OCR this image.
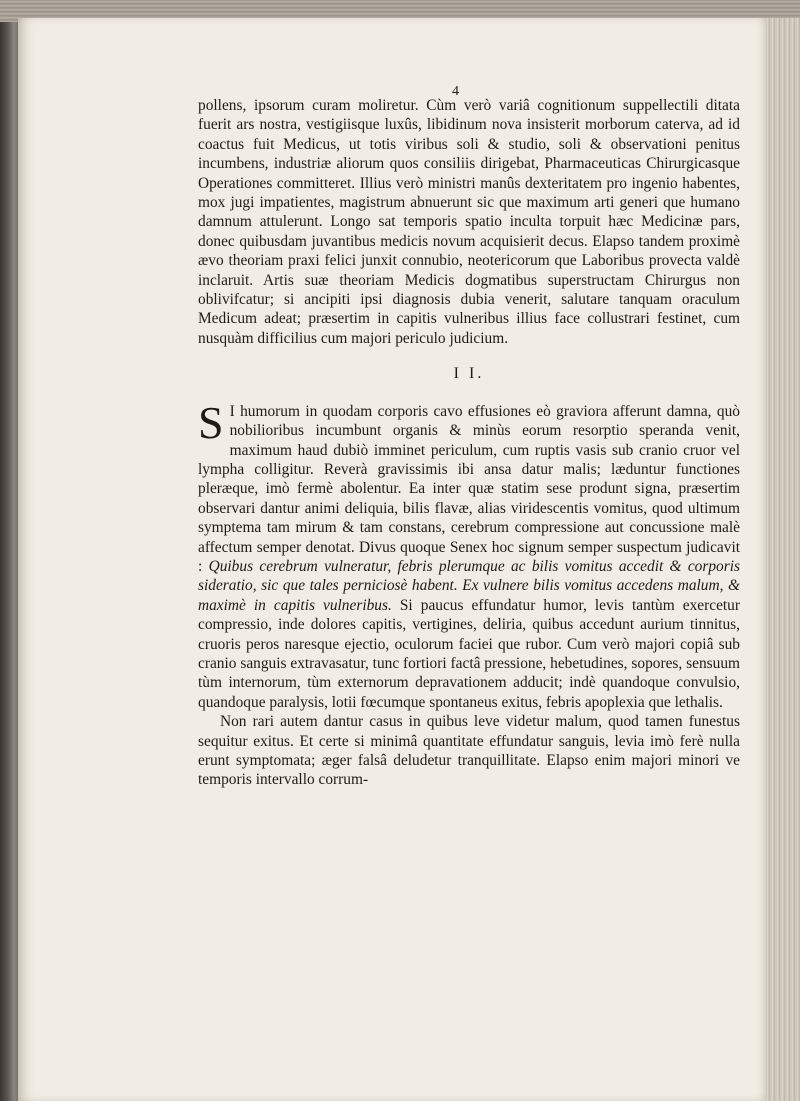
4

pollens, ipsorum curam moliretur. Cùm verò variâ cognitionum suppellectili ditata fuerit ars nostra, vestigiisque luxûs, libidinum nova insisterit morborum caterva, ad id coactus fuit Medicus, ut totis viribus soli & studio, soli & observationi penitus incumbens, industriæ aliorum quos consiliis dirigebat, Pharmaceuticas Chirurgicasque Operationes committeret. Illius verò ministri manûs dexteritatem pro ingenio habentes, mox jugi impatientes, magistrum abnuerunt sic que maximum arti generi que humano damnum attulerunt. Longo sat temporis spatio inculta torpuit hæc Medicinæ pars, donec quibusdam juvantibus medicis novum acquisierit decus. Elapso tandem proximè ævo theoriam praxi felici junxit connubio, neotericorum que Laboribus provecta valdè inclaruit. Artis suæ theoriam Medicis dogmatibus superstructam Chirurgus non oblivifcatur; si ancipiti ipsi diagnosis dubia venerit, salutare tanquam oraculum Medicum adeat; præsertim in capitis vulneribus illius face collustrari festinet, cum nusquàm difficilius cum majori periculo judicium.

I I.

S I humorum in quodam corporis cavo effusiones eò graviora afferunt damna, quò nobilioribus incumbunt organis & minùs eorum resorptio speranda venit, maximum haud dubiò imminet periculum, cum ruptis vasis sub cranio cruor vel lympha colligitur. Reverà gravissimis ibi ansa datur malis; læduntur functiones pleræque, imò fermè abolentur. Ea inter quæ statim sese produnt signa, præsertim observari dantur animi deliquia, bilis flavæ, alias viridescentis vomitus, quod ultimum symptema tam mirum & tam constans, cerebrum compressione aut concussione malè affectum semper denotat. Divus quoque Senex hoc signum semper suspectum judicavit : Quibus cerebrum vulneratur, febris plerumque ac bilis vomitus accedit & corporis sideratio, sic que tales perniciosè habent. Ex vulnere bilis vomitus accedens malum, & maximè in capitis vulneribus. Si paucus effundatur humor, levis tantùm exercetur compressio, inde dolores capitis, vertigines, deliria, quibus accedunt aurium tinnitus, cruoris peros naresque ejectio, oculorum faciei que rubor. Cum verò majori copiâ sub cranio sanguis extravasatur, tunc fortiori factâ pressione, hebetudines, sopores, sensuum tùm internorum, tùm externorum depravationem adducit; indè quandoque convulsio, quandoque paralysis, lotii fœcumque spontaneus exitus, febris apoplexia que lethalis.

Non rari autem dantur casus in quibus leve videtur malum, quod tamen funestus sequitur exitus. Et certe si minimâ quantitate effundatur sanguis, levia imò ferè nulla erunt symptomata; æger falsâ deludetur tranquillitate. Elapso enim majori minori ve temporis intervallo corrum-
